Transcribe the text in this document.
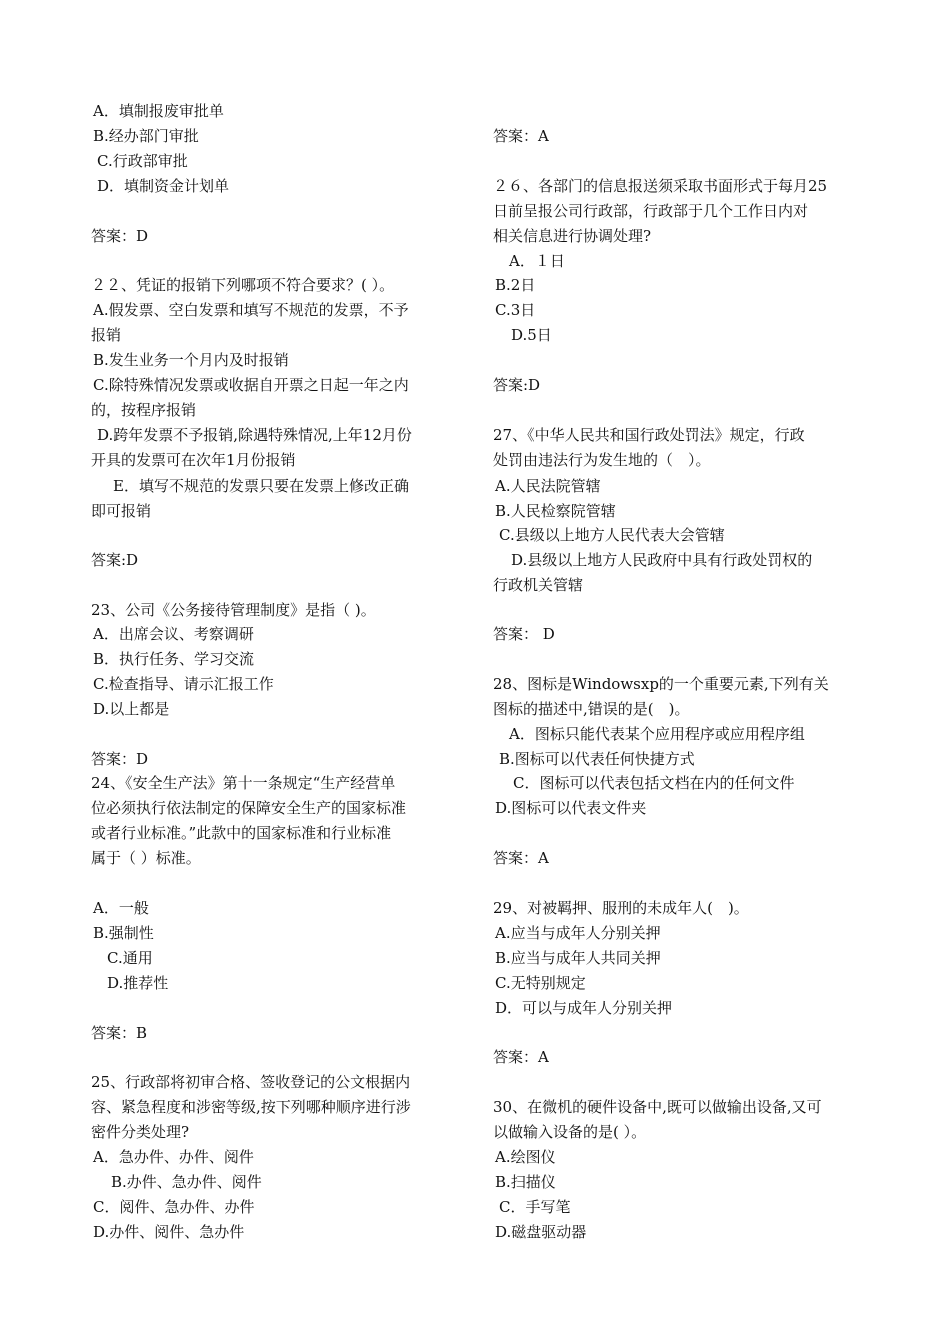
A．填制报废审批单
B.经办部门审批
C.行政部审批
D．填制资金计划单
答案：D
２２、凭证的报销下列哪项不符合要求？( ）。
A.假发票、空白发票和填写不规范的发票，不予
报销
B.发生业务一个月内及时报销
C.除特殊情况发票或收据自开票之日起一年之内
的，按程序报销
D.跨年发票不予报销,除遇特殊情况,上年12月份
开具的发票可在次年1月份报销
E．填写不规范的发票只要在发票上修改正确
即可报销
答案:D
23、公司《公务接待管理制度》是指（ )。
A．出席会议、考察调研
B．执行任务、学习交流
C.检查指导、请示汇报工作
D.以上都是
答案：D
24、《安全生产法》第十一条规定“生产经营单
位必须执行依法制定的保障安全生产的国家标准
或者行业标准。”此款中的国家标准和行业标准
属于（ ）标准。
A．一般
B.强制性
C.通用
D.推荐性
答案：B
25、行政部将初审合格、签收登记的公文根据内
容、紧急程度和涉密等级,按下列哪种顺序进行涉
密件分类处理?
A．急办件、办件、阅件
B.办件、急办件、阅件
C．阅件、急办件、办件
D.办件、阅件、急办件
答案：A
２６、各部门的信息报送须采取书面形式于每月25
日前呈报公司行政部，行政部于几个工作日内对
相关信息进行协调处理?
A．１日
B.2日
C.3日
D.5日
答案:D
27、《中华人民共和国行政处罚法》规定，行政
处罚由违法行为发生地的（　）。
A.人民法院管辖
B.人民检察院管辖
C.县级以上地方人民代表大会管辖
D.县级以上地方人民政府中具有行政处罚权的
行政机关管辖
答案： D
28、图标是Windowsxp的一个重要元素,下列有关
图标的描述中,错误的是(　)。
A．图标只能代表某个应用程序或应用程序组
B.图标可以代表任何快捷方式
C．图标可以代表包括文档在内的任何文件
D.图标可以代表文件夹
答案：A
29、对被羁押、服刑的未成年人(　)。
A.应当与成年人分别关押
B.应当与成年人共同关押
C.无特别规定
D．可以与成年人分别关押
答案：A
30、在微机的硬件设备中,既可以做输出设备,又可
以做输入设备的是( ）。
A.绘图仪
B.扫描仪
C．手写笔
D.磁盘驱动器
